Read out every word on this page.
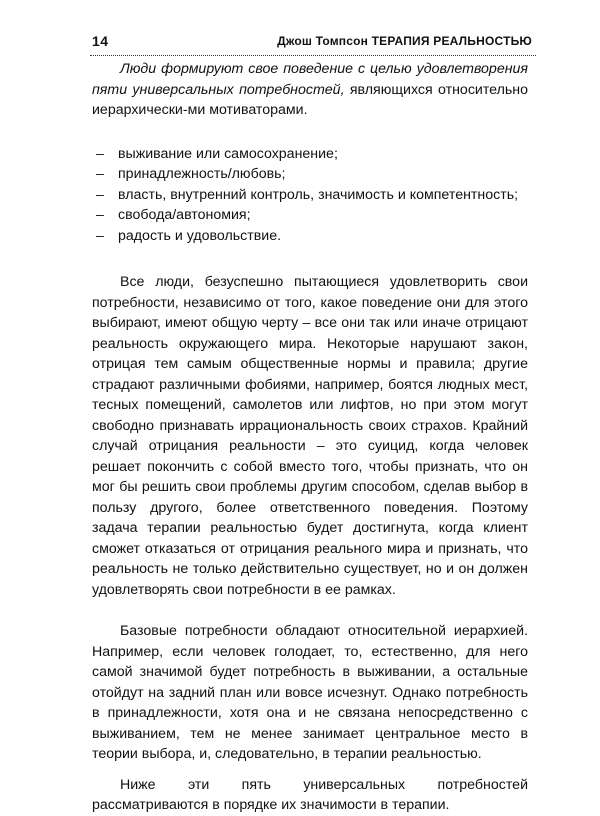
14	Джош Томпсон ТЕРАПИЯ РЕАЛЬНОСТЬЮ

Люди формируют свое поведение с целью удовлетворения пяти универсальных потребностей, являющихся относительно иерархически-ми мотиваторами.

– выживание или самосохранение;
– принадлежность/любовь;
– власть, внутренний контроль, значимость и компетентность;
– свобода/автономия;
– радость и удовольствие.

Все люди, безуспешно пытающиеся удовлетворить свои потребности, независимо от того, какое поведение они для этого выбирают, имеют общую черту – все они так или иначе отрицают реальность окружающего мира. Некоторые нарушают закон, отрицая тем самым общественные нормы и правила; другие страдают различными фобиями, например, боятся людных мест, тесных помещений, самолетов или лифтов, но при этом могут свободно признавать иррациональность своих страхов. Крайний случай отрицания реальности – это суицид, когда человек решает покончить с собой вместо того, чтобы признать, что он мог бы решить свои проблемы другим способом, сделав выбор в пользу другого, более ответственного поведения. Поэтому задача терапии реальностью будет достигнута, когда клиент сможет отказаться от отрицания реального мира и признать, что реальность не только действительно существует, но и он должен удовлетворять свои потребности в ее рамках.

Базовые потребности обладают относительной иерархией. Например, если человек голодает, то, естественно, для него самой значимой будет потребность в выживании, а остальные отойдут на задний план или вовсе исчезнут. Однако потребность в принадлежности, хотя она и не связана непосредственно с выживанием, тем не менее занимает центральное место в теории выбора, и, следовательно, в терапии реальностью.

Ниже эти пять универсальных потребностей рассматриваются в порядке их значимости в терапии.
